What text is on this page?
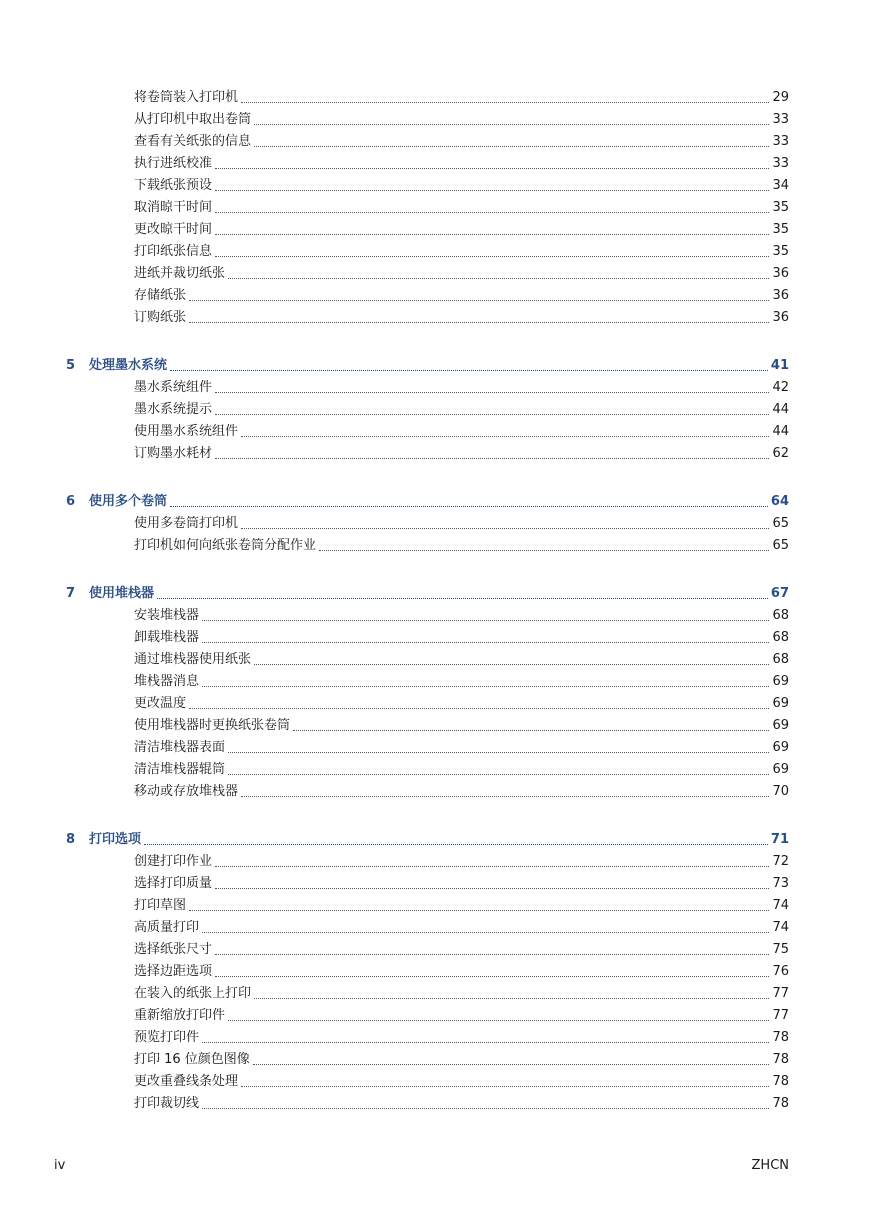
将卷筒装入打印机	29
从打印机中取出卷筒	33
查看有关纸张的信息	33
执行进纸校准	33
下载纸张预设	34
取消晾干时间	35
更改晾干时间	35
打印纸张信息	35
进纸并裁切纸张	36
存储纸张	36
订购纸张	36
5	处理墨水系统	41
墨水系统组件	42
墨水系统提示	44
使用墨水系统组件	44
订购墨水耗材	62
6	使用多个卷筒	64
使用多卷筒打印机	65
打印机如何向纸张卷筒分配作业	65
7	使用堆栈器	67
安装堆栈器	68
卸载堆栈器	68
通过堆栈器使用纸张	68
堆栈器消息	69
更改温度	69
使用堆栈器时更换纸张卷筒	69
清洁堆栈器表面	69
清洁堆栈器辊筒	69
移动或存放堆栈器	70
8	打印选项	71
创建打印作业	72
选择打印质量	73
打印草图	74
高质量打印	74
选择纸张尺寸	75
选择边距选项	76
在装入的纸张上打印	77
重新缩放打印件	77
预览打印件	78
打印 16 位颜色图像	78
更改重叠线条处理	78
打印裁切线	78
iv	ZHCN
